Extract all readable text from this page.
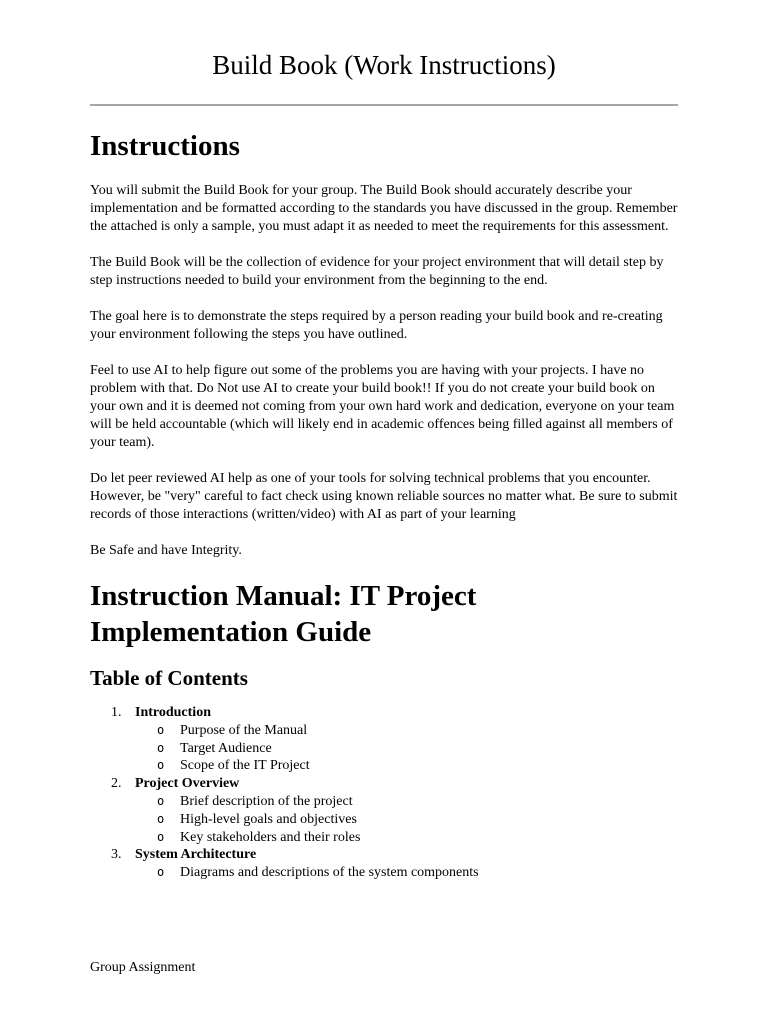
Build Book (Work Instructions)
Instructions

You will submit the Build Book for your group. The Build Book should accurately describe your implementation and be formatted according to the standards you have discussed in the group. Remember the attached is only a sample, you must adapt it as needed to meet the requirements for this assessment.

The Build Book will be the collection of evidence for your project environment that will detail step by step instructions needed to build your environment from the beginning to the end.

The goal here is to demonstrate the steps required by a person reading your build book and re-creating your environment following the steps you have outlined.

Feel to use AI to help figure out some of the problems you are having with your projects. I have no problem with that. Do Not use AI to create your build book!! If you do not create your build book on your own and it is deemed not coming from your own hard work and dedication, everyone on your team will be held accountable (which will likely end in academic offences being filled against all members of your team).

Do let peer reviewed AI help as one of your tools for solving technical problems that you encounter. However, be "very" careful to fact check using known reliable sources no matter what. Be sure to submit records of those interactions (written/video) with AI as part of your learning

Be Safe and have Integrity.

Instruction Manual: IT Project
Implementation Guide
Table of Contents
1. Introduction
o Purpose of the Manual
o Target Audience
o Scope of the IT Project
2. Project Overview
o Brief description of the project
o High-level goals and objectives
o Key stakeholders and their roles
3. System Architecture
o Diagrams and descriptions of the system components
Group Assignment
